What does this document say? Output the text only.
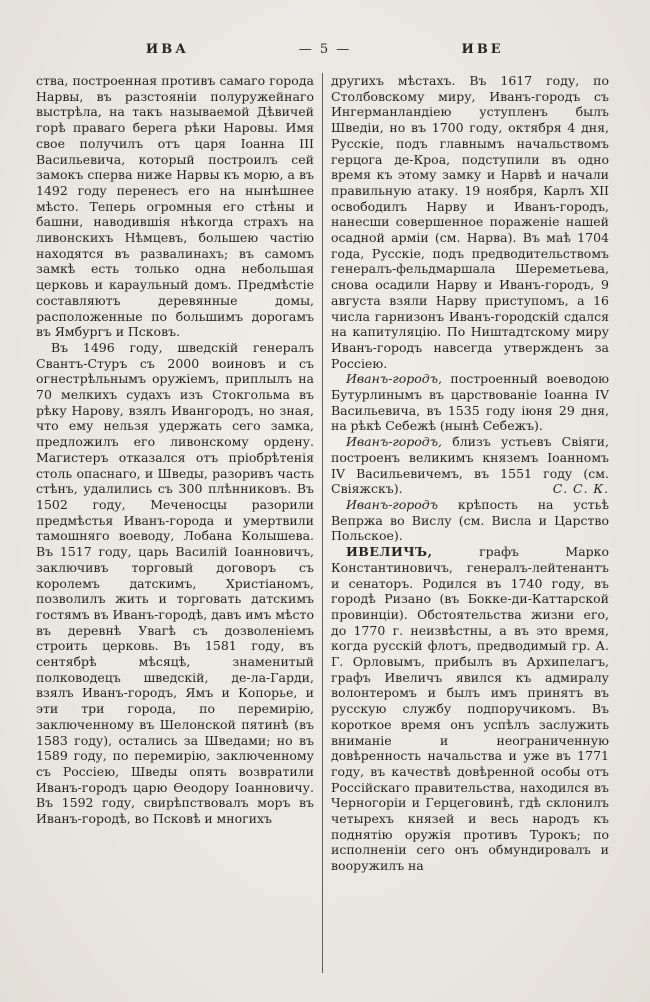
ИВА	— 5 —	ИВЕ

ства, построенная противъ самаго города Нарвы, въ разстояніи полуружейнаго выстрѣла, на такъ называемой Дѣвичей горѣ праваго берега рѣки Наровы. Имя свое получилъ отъ царя Іоанна III Васильевича, который построилъ сей замокъ сперва ниже Нарвы къ морю, а въ 1492 году перенесъ его на нынѣшнее мѣсто. Теперь огромныя его стѣны и башни, наводившія нѣкогда страхъ на ливонскихъ Нѣмцевъ, большею частію находятся въ развалинахъ; въ самомъ замкѣ есть только одна небольшая церковь и караульный домъ. Предмѣстіе составляютъ деревянные домы, расположенные по большимъ дорогамъ въ Ямбургъ и Псковъ.

Въ 1496 году, шведскій генералъ Свантъ-Стуръ съ 2000 воиновъ и съ огнестрѣльнымъ оружіемъ, приплылъ на 70 мелкихъ судахъ изъ Стокгольма въ рѣку Нарову, взялъ Ивангородъ, но зная, что ему нельзя удержать сего замка, предложилъ его ливонскому ордену. Магистеръ отказался отъ пріобрѣтенія столь опаснаго, и Шведы, разоривъ часть стѣнъ, удалились съ 300 плѣнниковъ. Въ 1502 году, Меченосцы разорили предмѣстья Иванъ-города и умертвили тамошняго воеводу, Лобана Колышева. Въ 1517 году, царь Василій Іоанновичъ, заключивъ торговый договоръ съ королемъ датскимъ, Христіаномъ, позволилъ жить и торговать датскимъ гостямъ въ Иванъ-городѣ, давъ имъ мѣсто въ деревнѣ Увагѣ съ дозволеніемъ строить церковь. Въ 1581 году, въ сентябрѣ мѣсяцѣ, знаменитый полководецъ шведскій, де-ла-Гарди, взялъ Иванъ-городъ, Ямъ и Копорье, и эти три города, по перемирію, заключенному въ Шелонской пятинѣ (въ 1583 году), остались за Шведами; но въ 1589 году, по перемирію, заключенному съ Россіею, Шведы опять возвратили Иванъ-городъ царю Ѳеодору Іоанновичу. Въ 1592 году, свирѣпствовалъ моръ въ Иванъ-городѣ, во Псковѣ и многихъ

другихъ мѣстахъ. Въ 1617 году, по Столбовскому миру, Иванъ-городъ съ Ингерманландіею уступленъ былъ Шведіи, но въ 1700 году, октября 4 дня, Русскіе, подъ главнымъ начальствомъ герцога де-Кроа, подступили въ одно время къ этому замку и Нарвѣ и начали правильную атаку. 19 ноября, Карлъ XII освободилъ Нарву и Иванъ-городъ, нанесши совершенное пораженіе нашей осадной арміи (см. Нарва). Въ маѣ 1704 года, Русскіе, подъ предводительствомъ генералъ-фельдмаршала Шереметьева, снова осадили Нарву и Иванъ-городъ, 9 августа взяли Нарву приступомъ, а 16 числа гарнизонъ Иванъ-городскій сдался на капитуляцію. По Ништадтскому миру Иванъ-городъ навсегда утвержденъ за Россіею.

Иванъ-городъ, построенный воеводою Бутурлинымъ въ царствованіе Іоанна IV Васильевича, въ 1535 году іюня 29 дня, на рѣкѣ Себежѣ (нынѣ Себежъ).

Иванъ-городъ, близъ устьевъ Свіяги, построенъ великимъ княземъ Іоанномъ IV Васильевичемъ, въ 1551 году (см. Свіяжскъ).	С. С. К.

Иванъ-городъ крѣпость на устьѣ Вепржа во Вислу (см. Висла и Царство Польское).

ИВЕЛИЧЪ, графъ Марко Константиновичъ, генералъ-лейтенантъ и сенаторъ. Родился въ 1740 году, въ городѣ Ризано (въ Бокке-ди-Каттарской провинціи). Обстоятельства жизни его, до 1770 г. неизвѣстны, а въ это время, когда русскій флотъ, предводимый гр. А. Г. Орловымъ, прибылъ въ Архипелагъ, графъ Ивеличъ явился къ адмиралу волонтеромъ и былъ имъ принятъ въ русскую службу подпоручикомъ. Въ короткое время онъ успѣлъ заслужить вниманіе и неограниченную довѣренность начальства и уже въ 1771 году, въ качествѣ довѣренной особы отъ Россійскаго правительства, находился въ Черногоріи и Герцеговинѣ, гдѣ склонилъ четырехъ князей и весь народъ къ поднятію оружія противъ Турокъ; по исполненіи сего онъ обмундировалъ и вооружилъ на
